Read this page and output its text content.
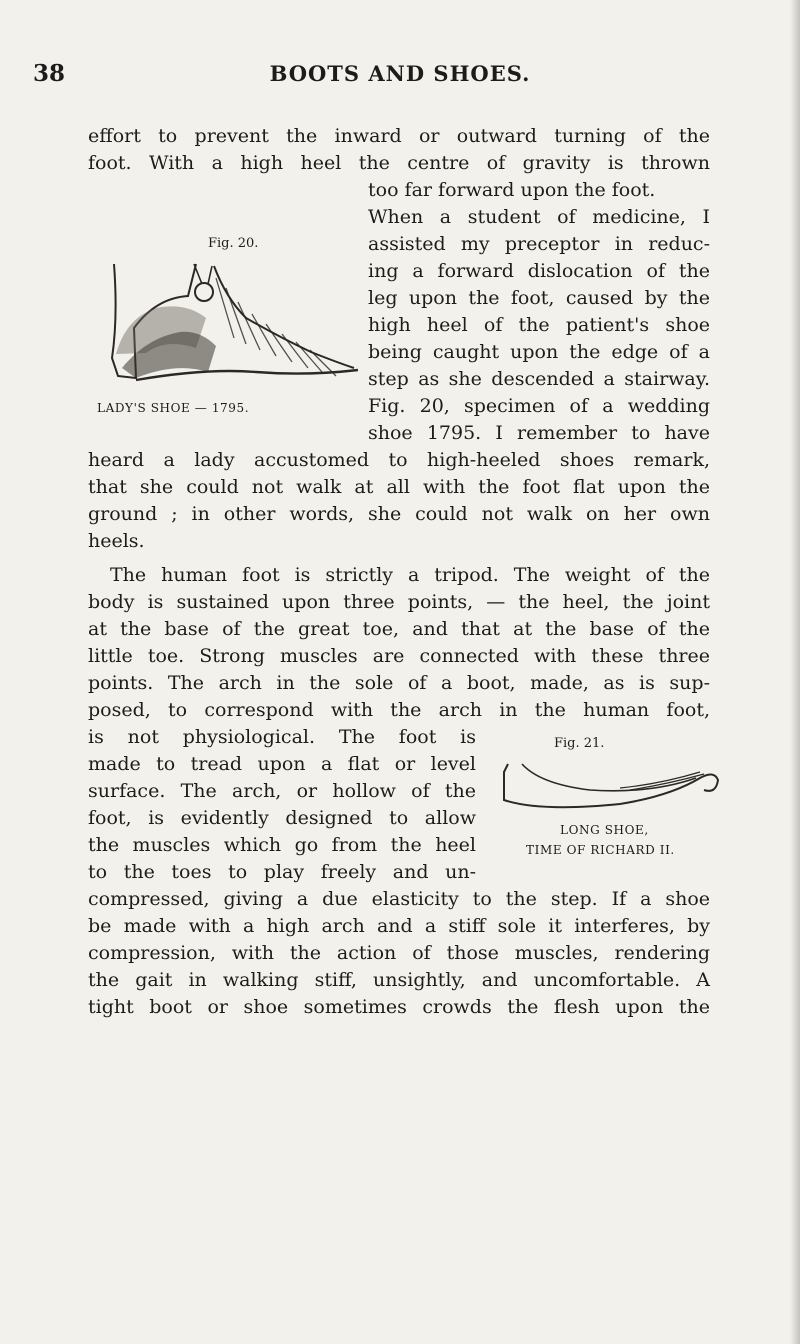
38	BOOTS AND SHOES.
effort to prevent the inward or outward turning of the
foot. With a high heel the centre of gravity is thrown
Fig. 20.
LADY'S SHOE — 1795.
too far forward upon the foot.
When a student of medicine, I
assisted my preceptor in reduc-
ing a forward dislocation of the
leg upon the foot, caused by the
high heel of the patient's shoe
being caught upon the edge of a
step as she descended a stairway.
Fig. 20, specimen of a wedding
shoe 1795. I remember to have
heard a lady accustomed to high-heeled shoes remark,
that she could not walk at all with the foot flat upon the
ground ; in other words, she could not walk on her own
heels.
The human foot is strictly a tripod. The weight of the
body is sustained upon three points, — the heel, the joint
at the base of the great toe, and that at the base of the
little toe. Strong muscles are connected with these three
points. The arch in the sole of a boot, made, as is sup-
posed, to correspond with the arch in the human foot,
Fig. 21.
LONG SHOE,
TIME OF RICHARD II.
is not physiological. The foot is
made to tread upon a flat or level
surface. The arch, or hollow of the
foot, is evidently designed to allow
the muscles which go from the heel
to the toes to play freely and un-
compressed, giving a due elasticity to the step. If a shoe
be made with a high arch and a stiff sole it interferes, by
compression, with the action of those muscles, rendering
the gait in walking stiff, unsightly, and uncomfortable. A
tight boot or shoe sometimes crowds the flesh upon the
